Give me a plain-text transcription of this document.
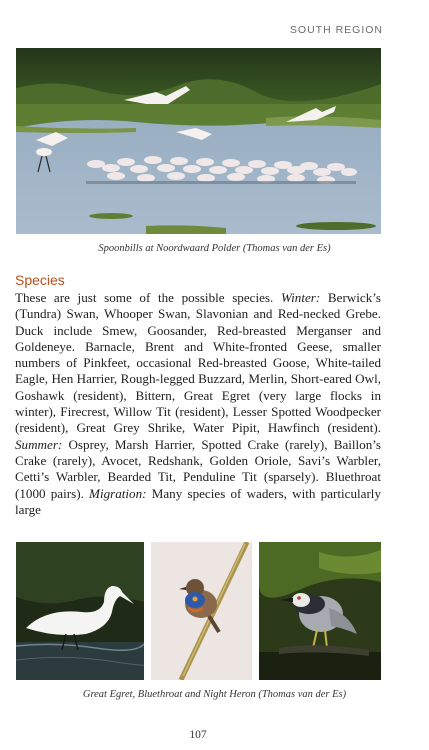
SOUTH REGION
Spoonbills at Noordwaard Polder (Thomas van der Es)
Species
These are just some of the possible species. Winter: Berwick’s (Tundra) Swan, Whooper Swan, Slavonian and Red-necked Grebe. Duck include Smew, Goosander, Red-breasted Merganser and Goldeneye. Barnacle, Brent and White-fronted Geese, smaller numbers of Pinkfeet, occasional Red-breasted Goose, White-tailed Eagle, Hen Harrier, Rough-legged Buzzard, Merlin, Short-eared Owl, Goshawk (resident), Bittern, Great Egret (very large flocks in winter), Firecrest, Willow Tit (resident), Lesser Spotted Woodpecker (resident), Great Grey Shrike, Water Pipit, Hawfinch (resident). Summer: Osprey, Marsh Harrier, Spotted Crake (rarely), Baillon’s Crake (rarely), Avocet, Redshank, Golden Oriole, Savi’s Warbler, Cetti’s Warbler, Bearded Tit, Penduline Tit (sparsely). Bluethroat (1000 pairs). Migration: Many species of waders, with particularly large
Great Egret, Bluethroat and Night Heron (Thomas van der Es)
107
